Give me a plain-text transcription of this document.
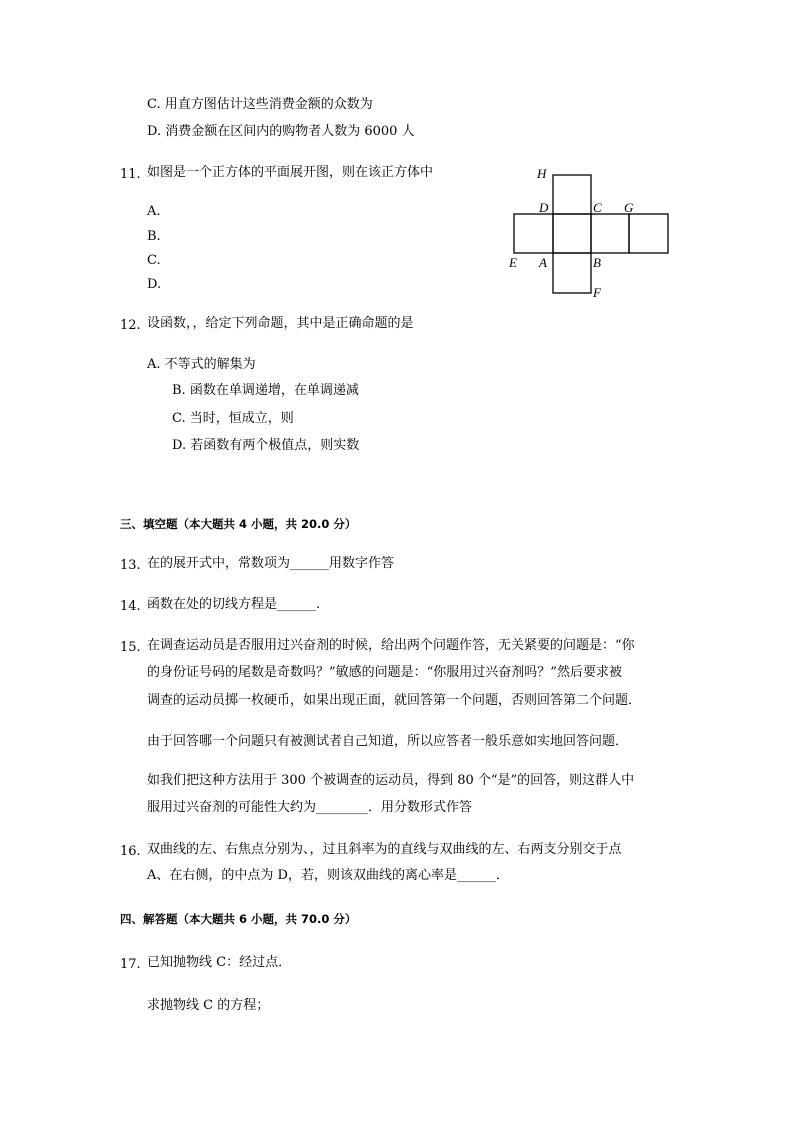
C. 用直方图估计这些消费金额的众数为
D. 消费金额在区间内的购物者人数为 6000 人
11. 如图是一个正方体的平面展开图，则在该正方体中
A.
B.
C.
D.
H
D	C G
E A	B
F
12. 设函数，，给定下列命题，其中是正确命题的是
A. 不等式的解集为
B. 函数在单调递增，在单调递减
C. 当时，恒成立，则
D. 若函数有两个极值点，则实数
三、填空题（本大题共 4 小题，共 20.0 分）
13. 在的展开式中，常数项为______用数字作答
14. 函数在处的切线方程是______.
15. 在调查运动员是否服用过兴奋剂的时候，给出两个问题作答，无关紧要的问题是：“你
的身份证号码的尾数是奇数吗？”敏感的问题是：“你服用过兴奋剂吗？”然后要求被
调查的运动员掷一枚硬币，如果出现正面，就回答第一个问题，否则回答第二个问题．
由于回答哪一个问题只有被测试者自己知道，所以应答者一般乐意如实地回答问题．
如我们把这种方法用于 300 个被调查的运动员，得到 80 个“是”的回答，则这群人中
服用过兴奋剂的可能性大约为________．用分数形式作答
16. 双曲线的左、右焦点分别为、，过且斜率为的直线与双曲线的左、右两支分别交于点
A、在右侧，的中点为 D，若，则该双曲线的离心率是______．
四、解答题（本大题共 6 小题，共 70.0 分）
17. 已知抛物线 C：经过点．
求抛物线 C 的方程；
